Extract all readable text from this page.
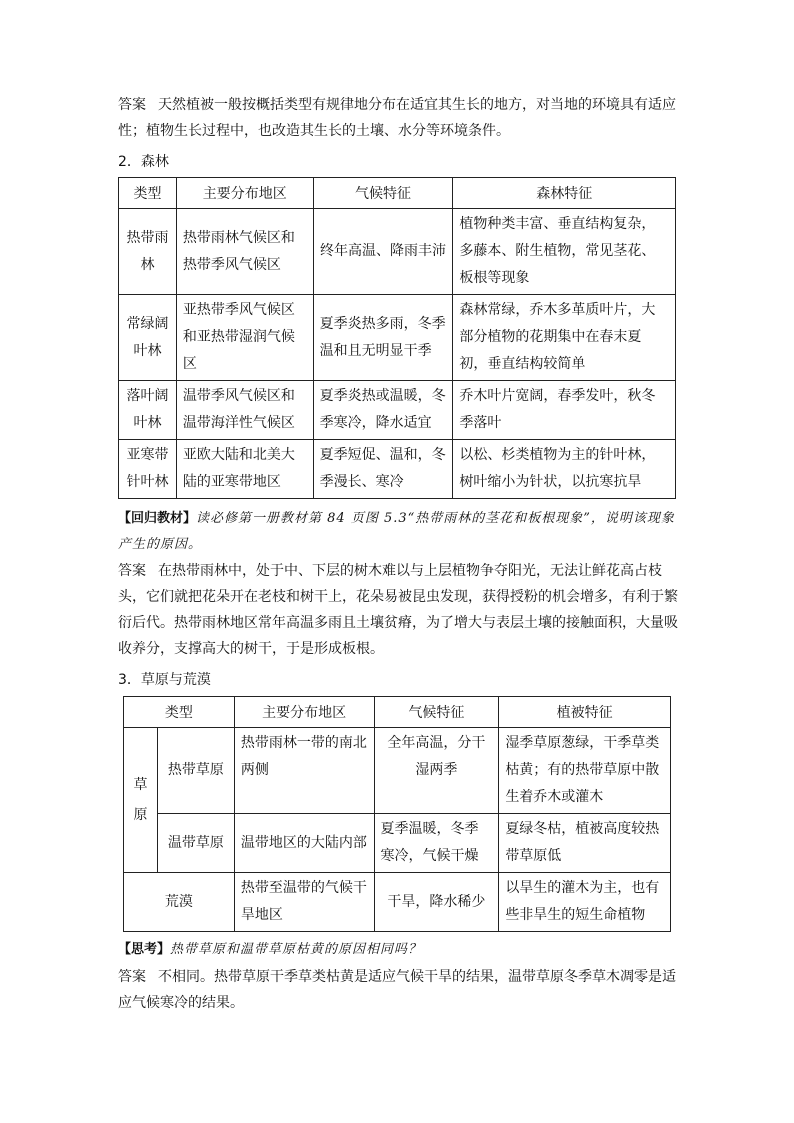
答案 天然植被一般按概括类型有规律地分布在适宜其生长的地方，对当地的环境具有适应性；植物生长过程中，也改造其生长的土壤、水分等环境条件。
2．森林
类型	主要分布地区	气候特征	森林特征
热带雨林	热带雨林气候区和热带季风气候区	终年高温、降雨丰沛	植物种类丰富、垂直结构复杂，多藤本、附生植物，常见茎花、板根等现象
常绿阔叶林	亚热带季风气候区和亚热带湿润气候区	夏季炎热多雨，冬季温和且无明显干季	森林常绿，乔木多革质叶片，大部分植物的花期集中在春末夏初，垂直结构较简单
落叶阔叶林	温带季风气候区和温带海洋性气候区	夏季炎热或温暖，冬季寒冷，降水适宜	乔木叶片宽阔，春季发叶，秋冬季落叶
亚寒带针叶林	亚欧大陆和北美大陆的亚寒带地区	夏季短促、温和，冬季漫长、寒冷	以松、杉类植物为主的针叶林，树叶缩小为针状，以抗寒抗旱
【回归教材】读必修第一册教材第 84 页图 5.3“热带雨林的茎花和板根现象”，说明该现象产生的原因。
答案 在热带雨林中，处于中、下层的树木难以与上层植物争夺阳光，无法让鲜花高占枝头，它们就把花朵开在老枝和树干上，花朵易被昆虫发现，获得授粉的机会增多，有利于繁衍后代。热带雨林地区常年高温多雨且土壤贫瘠，为了增大与表层土壤的接触面积，大量吸收养分，支撑高大的树干，于是形成板根。
3．草原与荒漠
类型		主要分布地区	气候特征	植被特征
草原	热带草原	热带雨林一带的南北两侧	全年高温，分干湿两季	湿季草原葱绿，干季草类枯黄；有的热带草原中散生着乔木或灌木
	温带草原	温带地区的大陆内部	夏季温暖，冬季寒冷，气候干燥	夏绿冬枯，植被高度较热带草原低
荒漠		热带至温带的气候干旱地区	干旱，降水稀少	以旱生的灌木为主，也有些非旱生的短生命植物
【思考】热带草原和温带草原枯黄的原因相同吗？
答案 不相同。热带草原干季草类枯黄是适应气候干旱的结果，温带草原冬季草木凋零是适应气候寒冷的结果。
